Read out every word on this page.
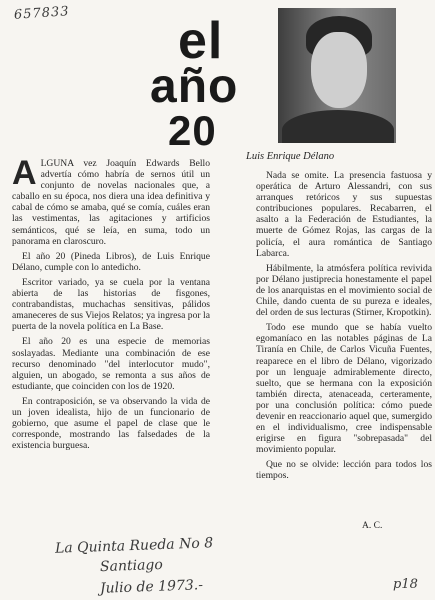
657833 el
año
20
Luis Enrique Délano

ALGUNA vez Joaquín Edwards Bello advertía cómo habría de sernos útil un conjunto de novelas nacionales que, a caballo en su época, nos diera una idea definitiva y cabal de cómo se amaba, qué se comía, cuáles eran las vestimentas, las agitaciones y artificios semánticos, qué se leía, en suma, todo un panorama en claroscuro.

El año 20 (Pineda Libros), de Luis Enrique Délano, cumple con lo antedicho.

Escritor variado, ya se cuela por la ventana abierta de las historias de fisgones, contrabandistas, muchachas sensitivas, pálidos amaneceres de sus Viejos Relatos; ya ingresa por la puerta de la novela política en La Base.

El año 20 es una especie de memorias soslayadas. Mediante una combinación de ese recurso denominado "del interlocutor mudo", alguien, un abogado, se remonta a sus años de estudiante, que coinciden con los de 1920.

En contraposición, se va observando la vida de un joven idealista, hijo de un funcionario de gobierno, que asume el papel de clase que le corresponde, mostrando las falsedades de la existencia burguesa.

Nada se omite. La presencia fastuosa y operática de Arturo Alessandri, con sus arranques retóricos y sus supuestas contribuciones populares. Recabarren, el asalto a la Federación de Estudiantes, la muerte de Gómez Rojas, las cargas de la policía, el aura romántica de Santiago Labarca.

Hábilmente, la atmósfera política revivida por Délano justiprecia honestamente el papel de los anarquistas en el movimiento social de Chile, dando cuenta de su pureza e ideales, del orden de sus lecturas (Stirner, Kropotkin).

Todo ese mundo que se había vuelto egomaníaco en las notables páginas de La Tiranía en Chile, de Carlos Vicuña Fuentes, reaparece en el libro de Délano, vigorizado por un lenguaje admirablemente directo, suelto, que se hermana con la exposición también directa, atenaceada, certeramente, por una conclusión política: cómo puede devenir en reaccionario aquel que, sumergido en el individualismo, cree indispensable erigirse en figura "sobrepasada" del movimiento popular.

Que no se olvide: lección para todos los tiempos.

A. C.
La Quinta Rueda No 8
Santiago
Julio de 1973.-	p18
